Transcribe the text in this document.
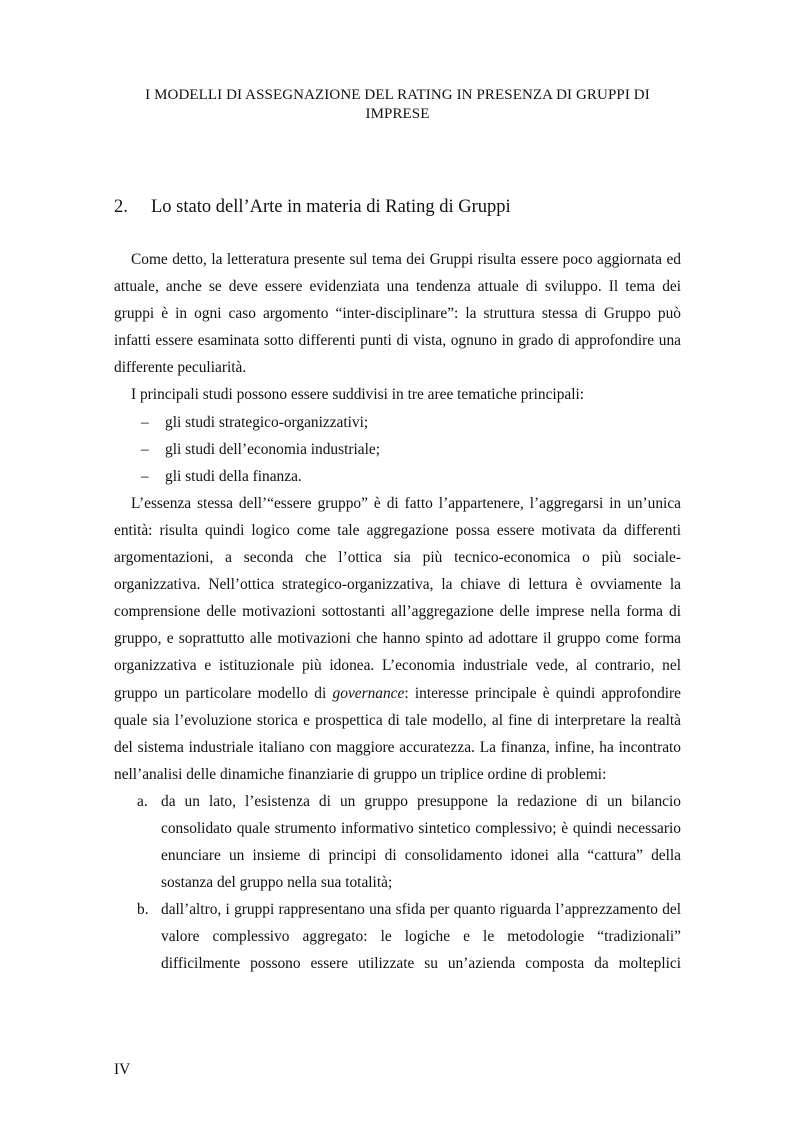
I MODELLI DI ASSEGNAZIONE DEL RATING IN PRESENZA DI GRUPPI DI IMPRESE
2.	Lo stato dell’Arte in materia di Rating di Gruppi

Come detto, la letteratura presente sul tema dei Gruppi risulta essere poco aggiornata ed attuale, anche se deve essere evidenziata una tendenza attuale di sviluppo. Il tema dei gruppi è in ogni caso argomento “inter-disciplinare”: la struttura stessa di Gruppo può infatti essere esaminata sotto differenti punti di vista, ognuno in grado di approfondire una differente peculiarità.

I principali studi possono essere suddivisi in tre aree tematiche principali:

– gli studi strategico-organizzativi;
– gli studi dell’economia industriale;
– gli studi della finanza.

L’essenza stessa dell’“essere gruppo” è di fatto l’appartenere, l’aggregarsi in un’unica entità: risulta quindi logico come tale aggregazione possa essere motivata da differenti argomentazioni, a seconda che l’ottica sia più tecnico-economica o più sociale-organizzativa. Nell’ottica strategico-organizzativa, la chiave di lettura è ovviamente la comprensione delle motivazioni sottostanti all’aggregazione delle imprese nella forma di gruppo, e soprattutto alle motivazioni che hanno spinto ad adottare il gruppo come forma organizzativa e istituzionale più idonea. L’economia industriale vede, al contrario, nel gruppo un particolare modello di governance: interesse principale è quindi approfondire quale sia l’evoluzione storica e prospettica di tale modello, al fine di interpretare la realtà del sistema industriale italiano con maggiore accuratezza. La finanza, infine, ha incontrato nell’analisi delle dinamiche finanziarie di gruppo un triplice ordine di problemi:

a. da un lato, l’esistenza di un gruppo presuppone la redazione di un bilancio consolidato quale strumento informativo sintetico complessivo; è quindi necessario enunciare un insieme di principi di consolidamento idonei alla “cattura” della sostanza del gruppo nella sua totalità;
b. dall’altro, i gruppi rappresentano una sfida per quanto riguarda l’apprezzamento del valore complessivo aggregato: le logiche e le metodologie “tradizionali” difficilmente possono essere utilizzate su un’azienda composta da molteplici
IV
